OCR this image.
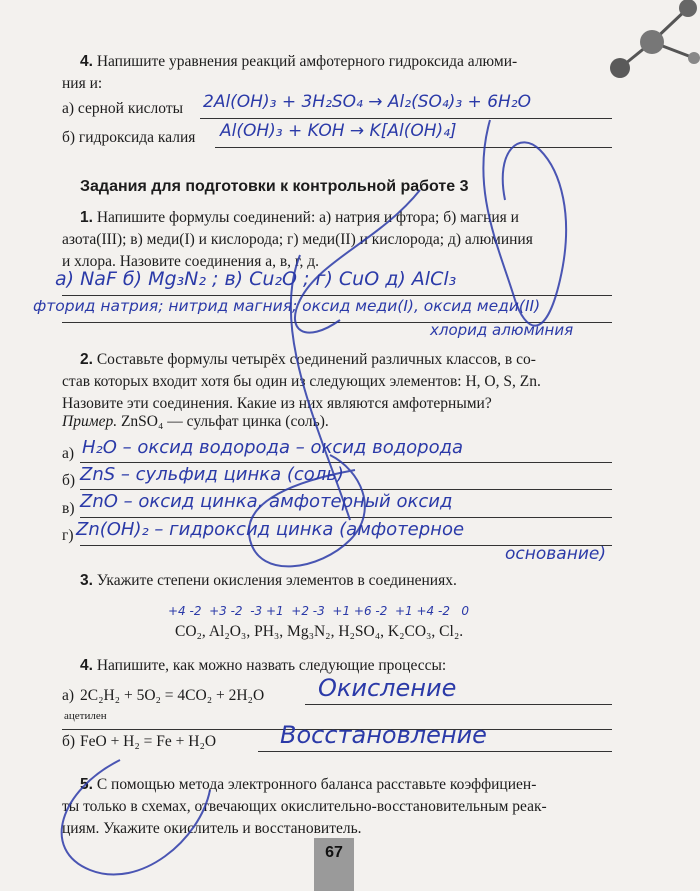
4. Напишите уравнения реакций амфотерного гидроксида алюми-
ния и:
а) серной кислоты 2Al(OH)₃ + 3H₂SO₄ → Al₂(SO₄)₃ + 6H₂O
б) гидроксида калия Al(OH)₃ + KOH → K[Al(OH)₄]
Задания для подготовки к контрольной работе 3
1. Напишите формулы соединений: а) натрия и фтора; б) магния и
азота(III); в) меди(I) и кислорода; г) меди(II) и кислорода; д) алюминия
и хлора. Назовите соединения а, в, г, д.
а) NaF б) Mg₃N₂ ; в) Cu₂O ; г) CuO д) AlCl₃
фторид натрия; нитрид магния; оксид меди(I), оксид меди(II)
хлорид алюминия
2. Составьте формулы четырёх соединений различных классов, в со-
став которых входит хотя бы один из следующих элементов: H, O, S, Zn.
Назовите эти соединения. Какие из них являются амфотерными?
Пример. ZnSO₄ — сульфат цинка (соль).
а) H₂O – оксид водорода – оксид водорода
б) ZnS – сульфид цинка (соль)
в) ZnO – оксид цинка, амфотерный оксид
г) Zn(OH)₂ – гидроксид цинка (амфотерное
основание)
3. Укажите степени окисления элементов в соединениях.
+4 -2  +3 -2  -3 +1  +2 -3  +1 +6 -2  +1 +4 -2   0
CO₂, Al₂O₃, PH₃, Mg₃N₂, H₂SO₄, K₂CO₃, Cl₂.
4. Напишите, как можно назвать следующие процессы:
а) 2C₂H₂ + 5O₂ = 4CO₂ + 2H₂O
ацетилен
Окисление
б) FeO + H₂ = Fe + H₂O	Восстановление
5. С помощью метода электронного баланса расставьте коэффициен-
ты только в схемах, отвечающих окислительно-восстановительным реак-
циям. Укажите окислитель и восстановитель.
67
